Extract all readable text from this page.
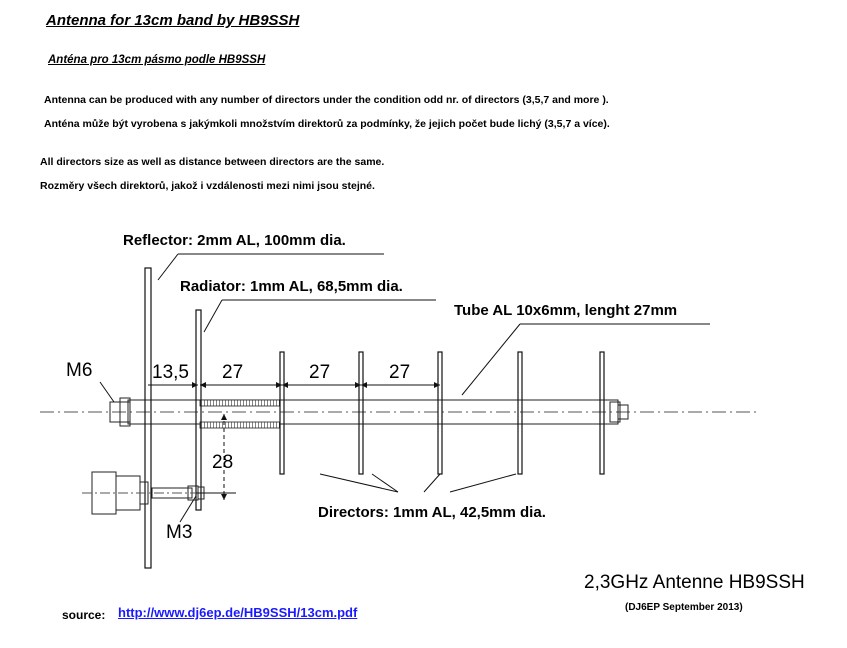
Antenna for 13cm band by HB9SSH
Anténa pro 13cm pásmo podle HB9SSH
Antenna can be produced with any number of directors under the condition odd nr. of directors (3,5,7 and more ).
Anténa může být vyrobena s jakýmkoli množstvím direktorů za podmínky, že jejich počet bude lichý (3,5,7 a více).
All directors size as well as distance between directors are the same.
Rozměry všech direktorů, jakož i vzdálenosti mezi nimi jsou stejné.
Reflector: 2mm AL, 100mm dia.
Radiator: 1mm AL, 68,5mm dia.
Tube AL 10x6mm, lenght 27mm
Directors: 1mm AL, 42,5mm dia.
M6	13,5 27	27	27
28
M3
2,3GHz Antenne HB9SSH
(DJ6EP September 2013)
source: http://www.dj6ep.de/HB9SSH/13cm.pdf
